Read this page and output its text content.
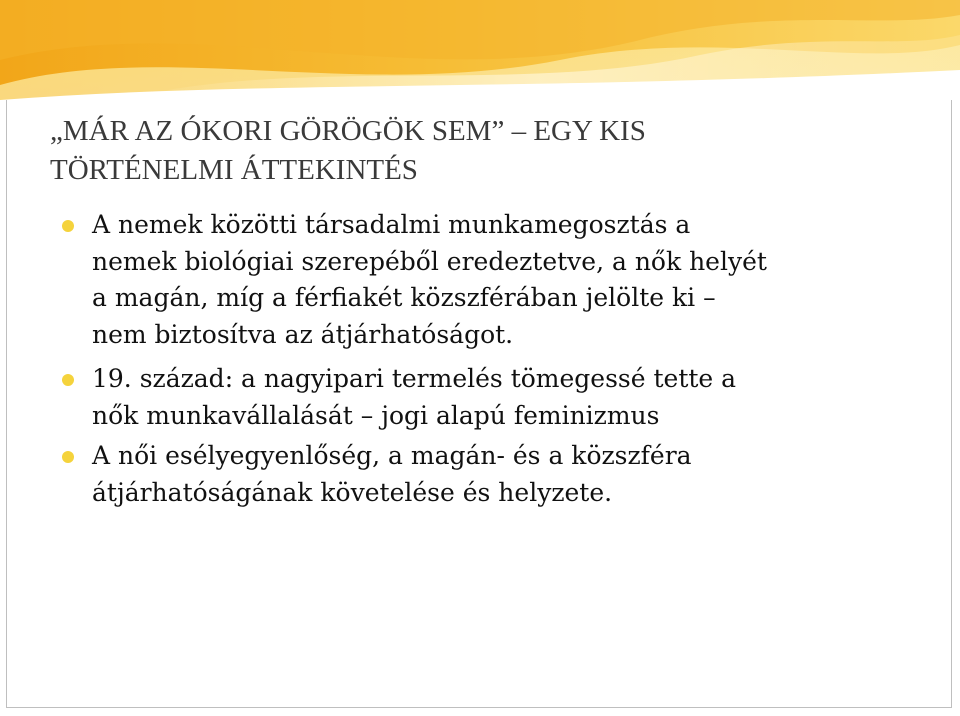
„MÁR AZ ÓKORI GÖRÖGÖK SEM” – EGY KIS
TÖRTÉNELMI ÁTTEKINTÉS
A nemek közötti társadalmi munkamegosztás a
nemek biológiai szerepéből eredeztetve, a nők helyét
a magán, míg a férfiakét közszférában jelölte ki –
nem biztosítva az átjárhatóságot.
19. század: a nagyipari termelés tömegessé tette a
nők munkavállalását – jogi alapú feminizmus
A női esélyegyenlőség, a magán- és a közszféra
átjárhatóságának követelése és helyzete.
